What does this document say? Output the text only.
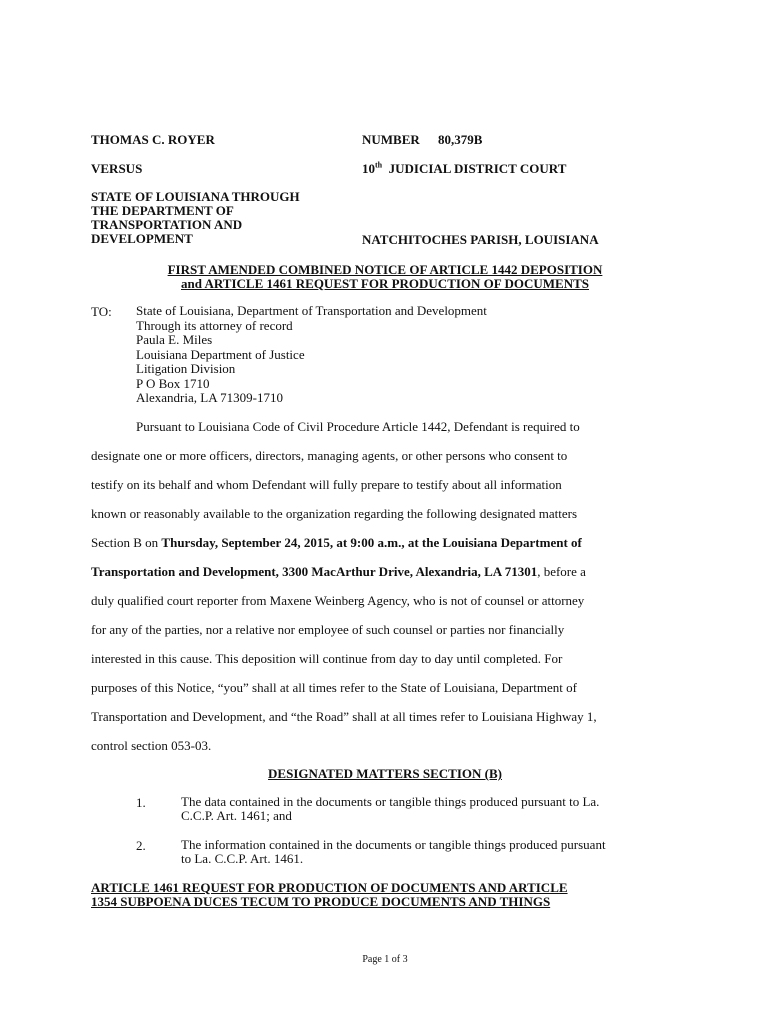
THOMAS C. ROYER	NUMBER 80,379B
VERSUS	10th JUDICIAL DISTRICT COURT
STATE OF LOUISIANA THROUGH
THE DEPARTMENT OF
TRANSPORTATION AND
DEVELOPMENT	NATCHITOCHES PARISH, LOUISIANA
FIRST AMENDED COMBINED NOTICE OF ARTICLE 1442 DEPOSITION
and ARTICLE 1461 REQUEST FOR PRODUCTION OF DOCUMENTS
TO: State of Louisiana, Department of Transportation and Development
Through its attorney of record
Paula E. Miles
Louisiana Department of Justice
Litigation Division
P O Box 1710
Alexandria, LA 71309-1710
Pursuant to Louisiana Code of Civil Procedure Article 1442, Defendant is required to
designate one or more officers, directors, managing agents, or other persons who consent to
testify on its behalf and whom Defendant will fully prepare to testify about all information
known or reasonably available to the organization regarding the following designated matters
Section B on Thursday, September 24, 2015, at 9:00 a.m., at the Louisiana Department of
Transportation and Development, 3300 MacArthur Drive, Alexandria, LA 71301, before a
duly qualified court reporter from Maxene Weinberg Agency, who is not of counsel or attorney
for any of the parties, nor a relative nor employee of such counsel or parties nor financially
interested in this cause. This deposition will continue from day to day until completed. For
purposes of this Notice, “you” shall at all times refer to the State of Louisiana, Department of
Transportation and Development, and “the Road” shall at all times refer to Louisiana Highway 1,
control section 053-03.
DESIGNATED MATTERS SECTION (B)
1.	The data contained in the documents or tangible things produced pursuant to La.
C.C.P. Art. 1461; and
2.	The information contained in the documents or tangible things produced pursuant
to La. C.C.P. Art. 1461.
ARTICLE 1461 REQUEST FOR PRODUCTION OF DOCUMENTS AND ARTICLE
1354 SUBPOENA DUCES TECUM TO PRODUCE DOCUMENTS AND THINGS
Page 1 of 3
